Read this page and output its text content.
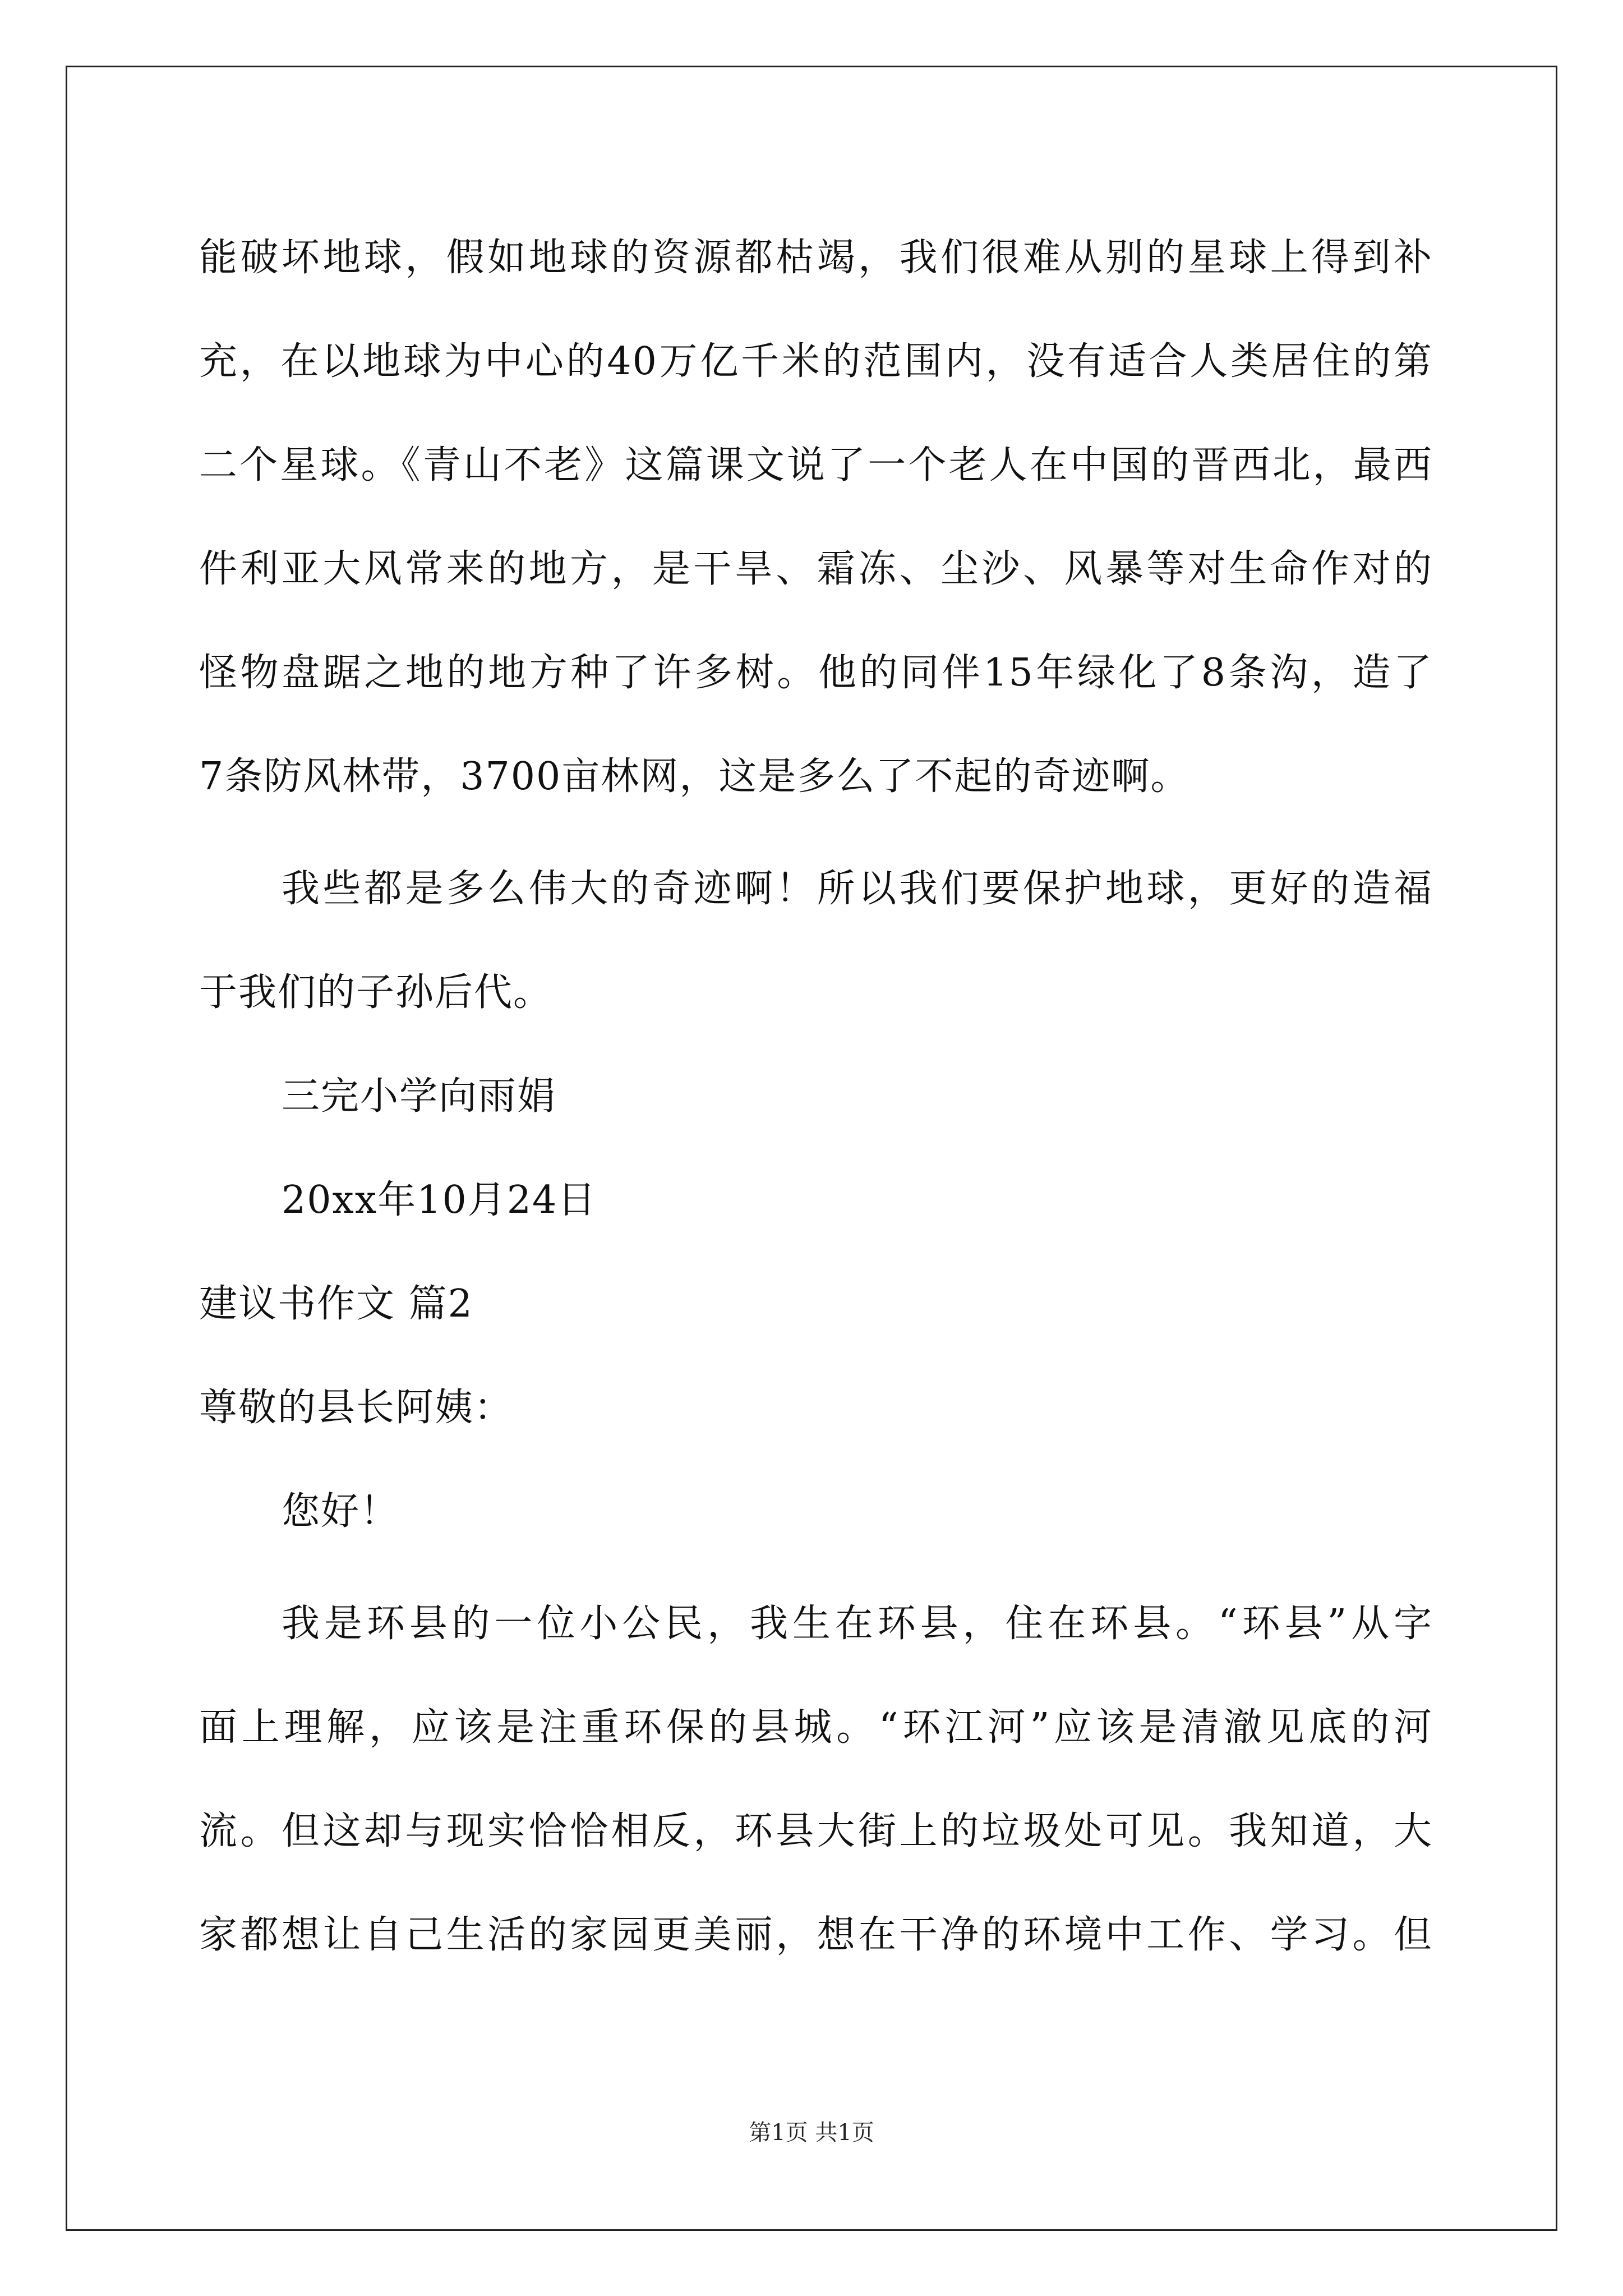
能破坏地球，假如地球的资源都枯竭，我们很难从别的星球上得到补
充，在以地球为中心的40万亿千米的范围内，没有适合人类居住的第
二个星球。《青山不老》这篇课文说了一个老人在中国的晋西北，最西
件利亚大风常来的地方，是干旱、霜冻、尘沙、风暴等对生命作对的
怪物盘踞之地的地方种了许多树。他的同伴15年绿化了8条沟，造了
7条防风林带，3700亩林网，这是多么了不起的奇迹啊。
我些都是多么伟大的奇迹啊！所以我们要保护地球，更好的造福
于我们的子孙后代。
三完小学向雨娟
20xx年10月24日
建议书作文 篇2
尊敬的县长阿姨：
您好！
我是环县的一位小公民，我生在环县，住在环县。“环县”从字
面上理解，应该是注重环保的县城。“环江河”应该是清澈见底的河
流。但这却与现实恰恰相反，环县大街上的垃圾处可见。我知道，大
家都想让自己生活的家园更美丽，想在干净的环境中工作、学习。但
第1页 共1页
